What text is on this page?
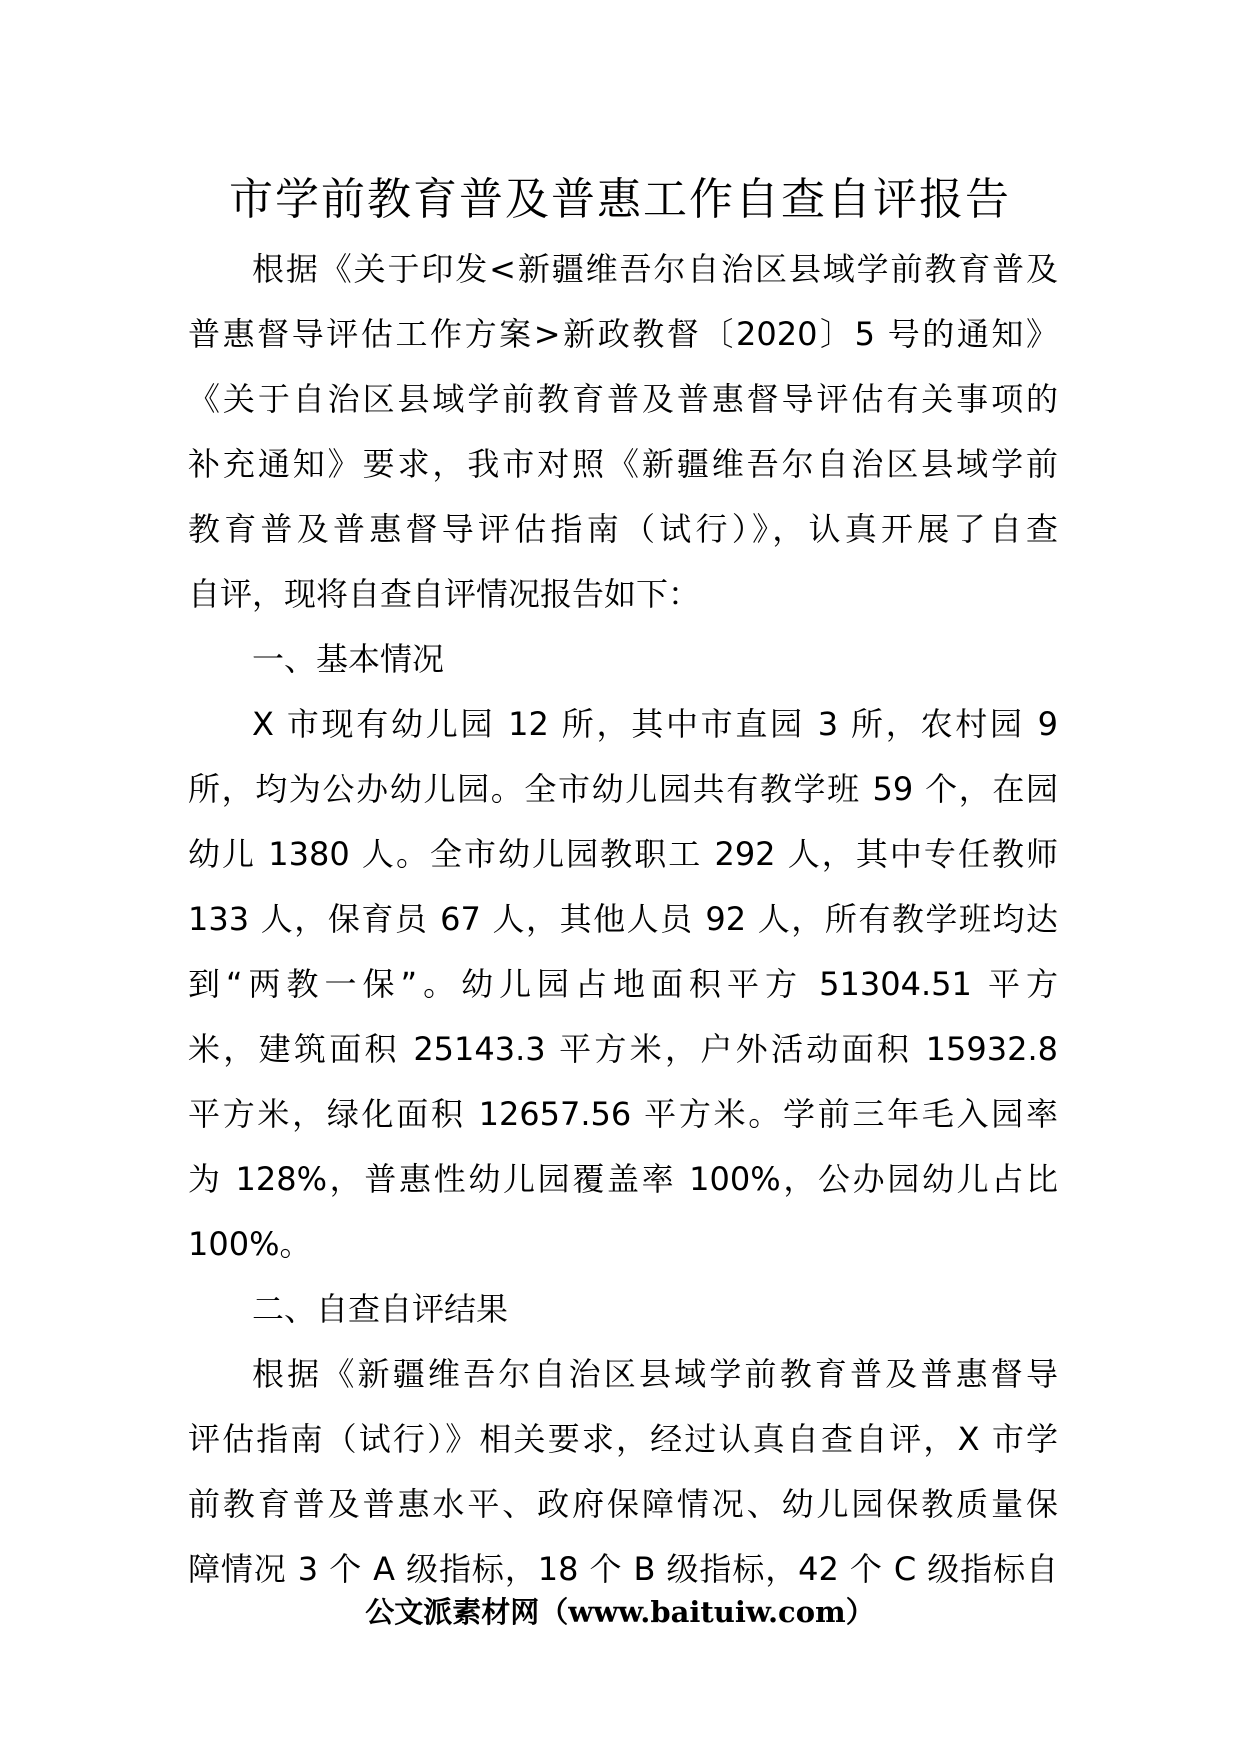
市学前教育普及普惠工作自查自评报告
根据《关于印发<新疆维吾尔自治区县域学前教育普及
普惠督导评估工作方案>新政教督〔2020〕5 号的通知》
《关于自治区县域学前教育普及普惠督导评估有关事项的
补充通知》要求，我市对照《新疆维吾尔自治区县域学前
教育普及普惠督导评估指南（试行）》，认真开展了自查
自评，现将自查自评情况报告如下：
一、基本情况
X 市现有幼儿园 12 所，其中市直园 3 所，农村园 9
所，均为公办幼儿园。全市幼儿园共有教学班 59 个，在园
幼儿 1380 人。全市幼儿园教职工 292 人，其中专任教师
133 人，保育员 67 人，其他人员 92 人，所有教学班均达
到“两教一保”。幼儿园占地面积平方 51304.51 平方
米，建筑面积 25143.3 平方米，户外活动面积 15932.8
平方米，绿化面积 12657.56 平方米。学前三年毛入园率
为 128%，普惠性幼儿园覆盖率 100%，公办园幼儿占比
100%。
二、自查自评结果
根据《新疆维吾尔自治区县域学前教育普及普惠督导
评估指南（试行）》相关要求，经过认真自查自评，X 市学
前教育普及普惠水平、政府保障情况、幼儿园保教质量保
障情况 3 个 A 级指标，18 个 B 级指标，42 个 C 级指标自
公文派素材网（www.baituiw.com）
